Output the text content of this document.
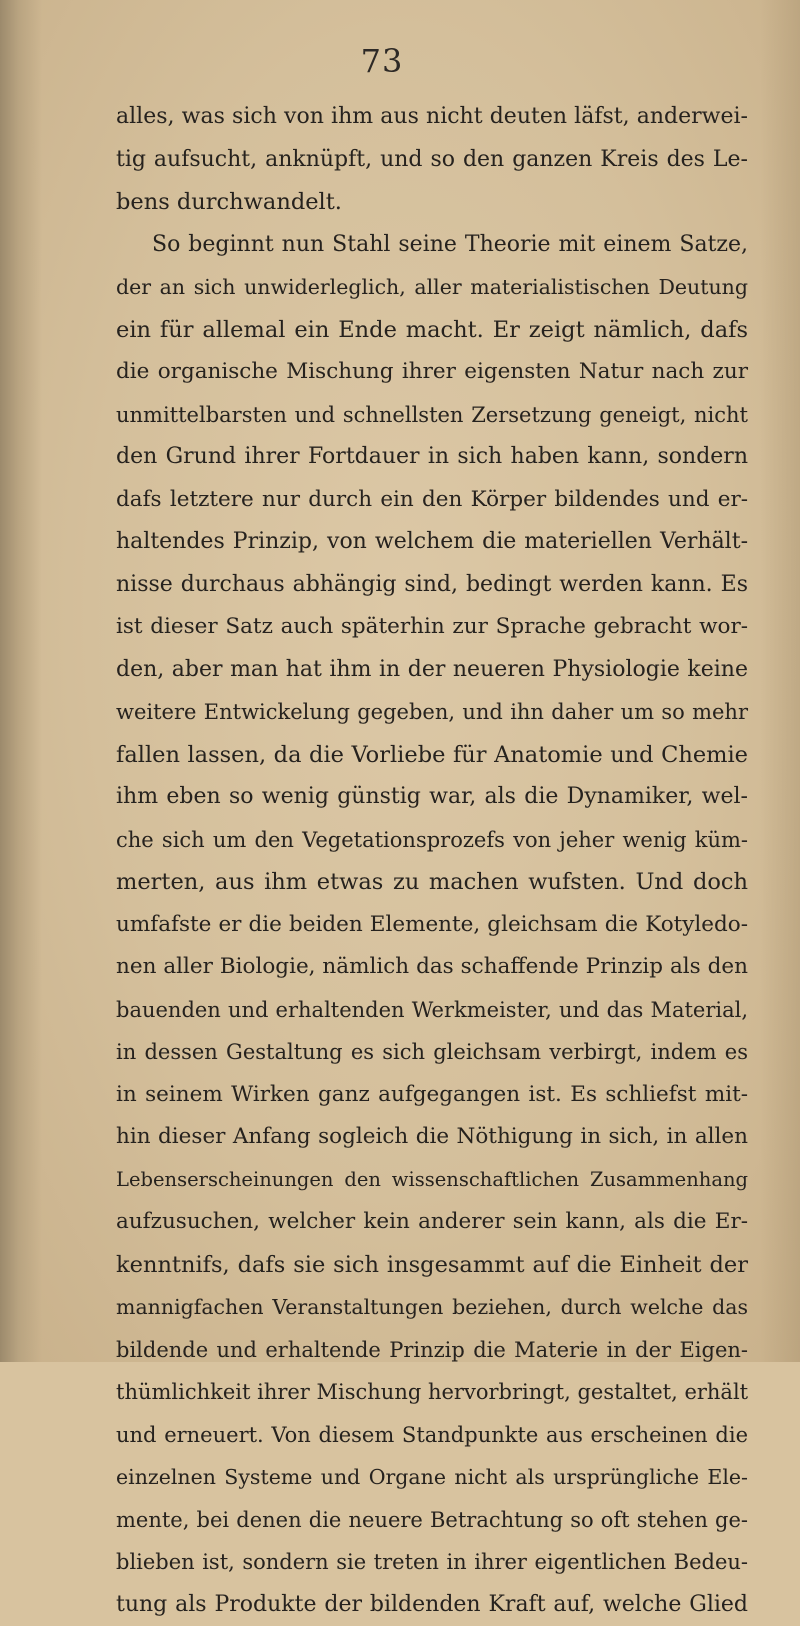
73
alles, was sich von ihm aus nicht deuten läfst, anderwei-
tig aufsucht, anknüpft, und so den ganzen Kreis des Le-
bens durchwandelt.
So beginnt nun Stahl seine Theorie mit einem Satze,
der an sich unwiderleglich, aller materialistischen Deutung
ein für allemal ein Ende macht. Er zeigt nämlich, dafs
die organische Mischung ihrer eigensten Natur nach zur
unmittelbarsten und schnellsten Zersetzung geneigt, nicht
den Grund ihrer Fortdauer in sich haben kann, sondern
dafs letztere nur durch ein den Körper bildendes und er-
haltendes Prinzip, von welchem die materiellen Verhält-
nisse durchaus abhängig sind, bedingt werden kann. Es
ist dieser Satz auch späterhin zur Sprache gebracht wor-
den, aber man hat ihm in der neueren Physiologie keine
weitere Entwickelung gegeben, und ihn daher um so mehr
fallen lassen, da die Vorliebe für Anatomie und Chemie
ihm eben so wenig günstig war, als die Dynamiker, wel-
che sich um den Vegetationsprozefs von jeher wenig küm-
merten, aus ihm etwas zu machen wufsten. Und doch
umfafste er die beiden Elemente, gleichsam die Kotyledo-
nen aller Biologie, nämlich das schaffende Prinzip als den
bauenden und erhaltenden Werkmeister, und das Material,
in dessen Gestaltung es sich gleichsam verbirgt, indem es
in seinem Wirken ganz aufgegangen ist. Es schliefst mit-
hin dieser Anfang sogleich die Nöthigung in sich, in allen
Lebenserscheinungen den wissenschaftlichen Zusammenhang
aufzusuchen, welcher kein anderer sein kann, als die Er-
kenntnifs, dafs sie sich insgesammt auf die Einheit der
mannigfachen Veranstaltungen beziehen, durch welche das
bildende und erhaltende Prinzip die Materie in der Eigen-
thümlichkeit ihrer Mischung hervorbringt, gestaltet, erhält
und erneuert. Von diesem Standpunkte aus erscheinen die
einzelnen Systeme und Organe nicht als ursprüngliche Ele-
mente, bei denen die neuere Betrachtung so oft stehen ge-
blieben ist, sondern sie treten in ihrer eigentlichen Bedeu-
tung als Produkte der bildenden Kraft auf, welche Glied
